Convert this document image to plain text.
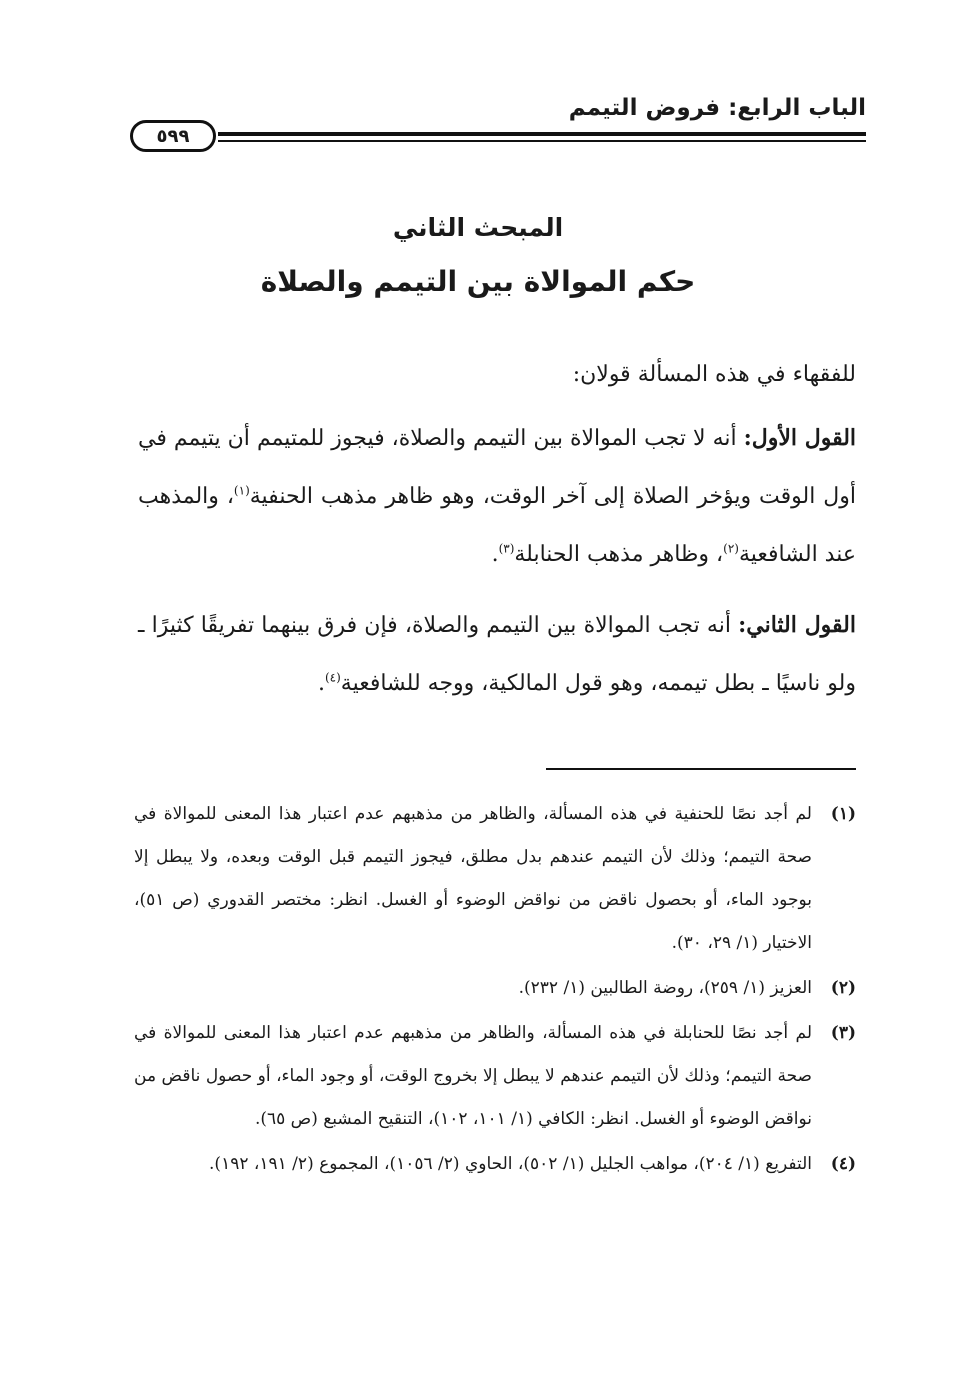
الباب الرابع: فروض التيمم
٥٩٩
المبحث الثاني
حكم الموالاة بين التيمم والصلاة
للفقهاء في هذه المسألة قولان:
القول الأول: أنه لا تجب الموالاة بين التيمم والصلاة، فيجوز للمتيمم أن يتيمم في أول الوقت ويؤخر الصلاة إلى آخر الوقت، وهو ظاهر مذهب الحنفية$^{(١)}$، والمذهب عند الشافعية$^{(٢)}$، وظاهر مذهب الحنابلة$^{(٣)}$.
القول الثاني: أنه تجب الموالاة بين التيمم والصلاة، فإن فرق بينهما تفريقًا كثيرًا ـ ولو ناسيًا ـ بطل تيممه، وهو قول المالكية، ووجه للشافعية$^{(٤)}$.
(١)
لم أجد نصًا للحنفية في هذه المسألة، والظاهر من مذهبهم عدم اعتبار هذا المعنى للموالاة في صحة التيمم؛ وذلك لأن التيمم عندهم بدل مطلق، فيجوز التيمم قبل الوقت وبعده، ولا يبطل إلا بوجود الماء، أو بحصول ناقض من نواقض الوضوء أو الغسل. انظر: مختصر القدوري (ص ٥١)، الاختيار (١/ ٢٩، ٣٠).
(٢)
العزيز (١/ ٢٥٩)، روضة الطالبين (١/ ٢٣٢).
(٣)
لم أجد نصًا للحنابلة في هذه المسألة، والظاهر من مذهبهم عدم اعتبار هذا المعنى للموالاة في صحة التيمم؛ وذلك لأن التيمم عندهم لا يبطل إلا بخروج الوقت، أو وجود الماء، أو حصول ناقض من نواقض الوضوء أو الغسل. انظر: الكافي (١/ ١٠١، ١٠٢)، التنقيح المشبع (ص ٦٥).
(٤)
التفريع (١/ ٢٠٤)، مواهب الجليل (١/ ٥٠٢)، الحاوي (٢/ ١٠٥٦)، المجموع (٢/ ١٩١، ١٩٢).
